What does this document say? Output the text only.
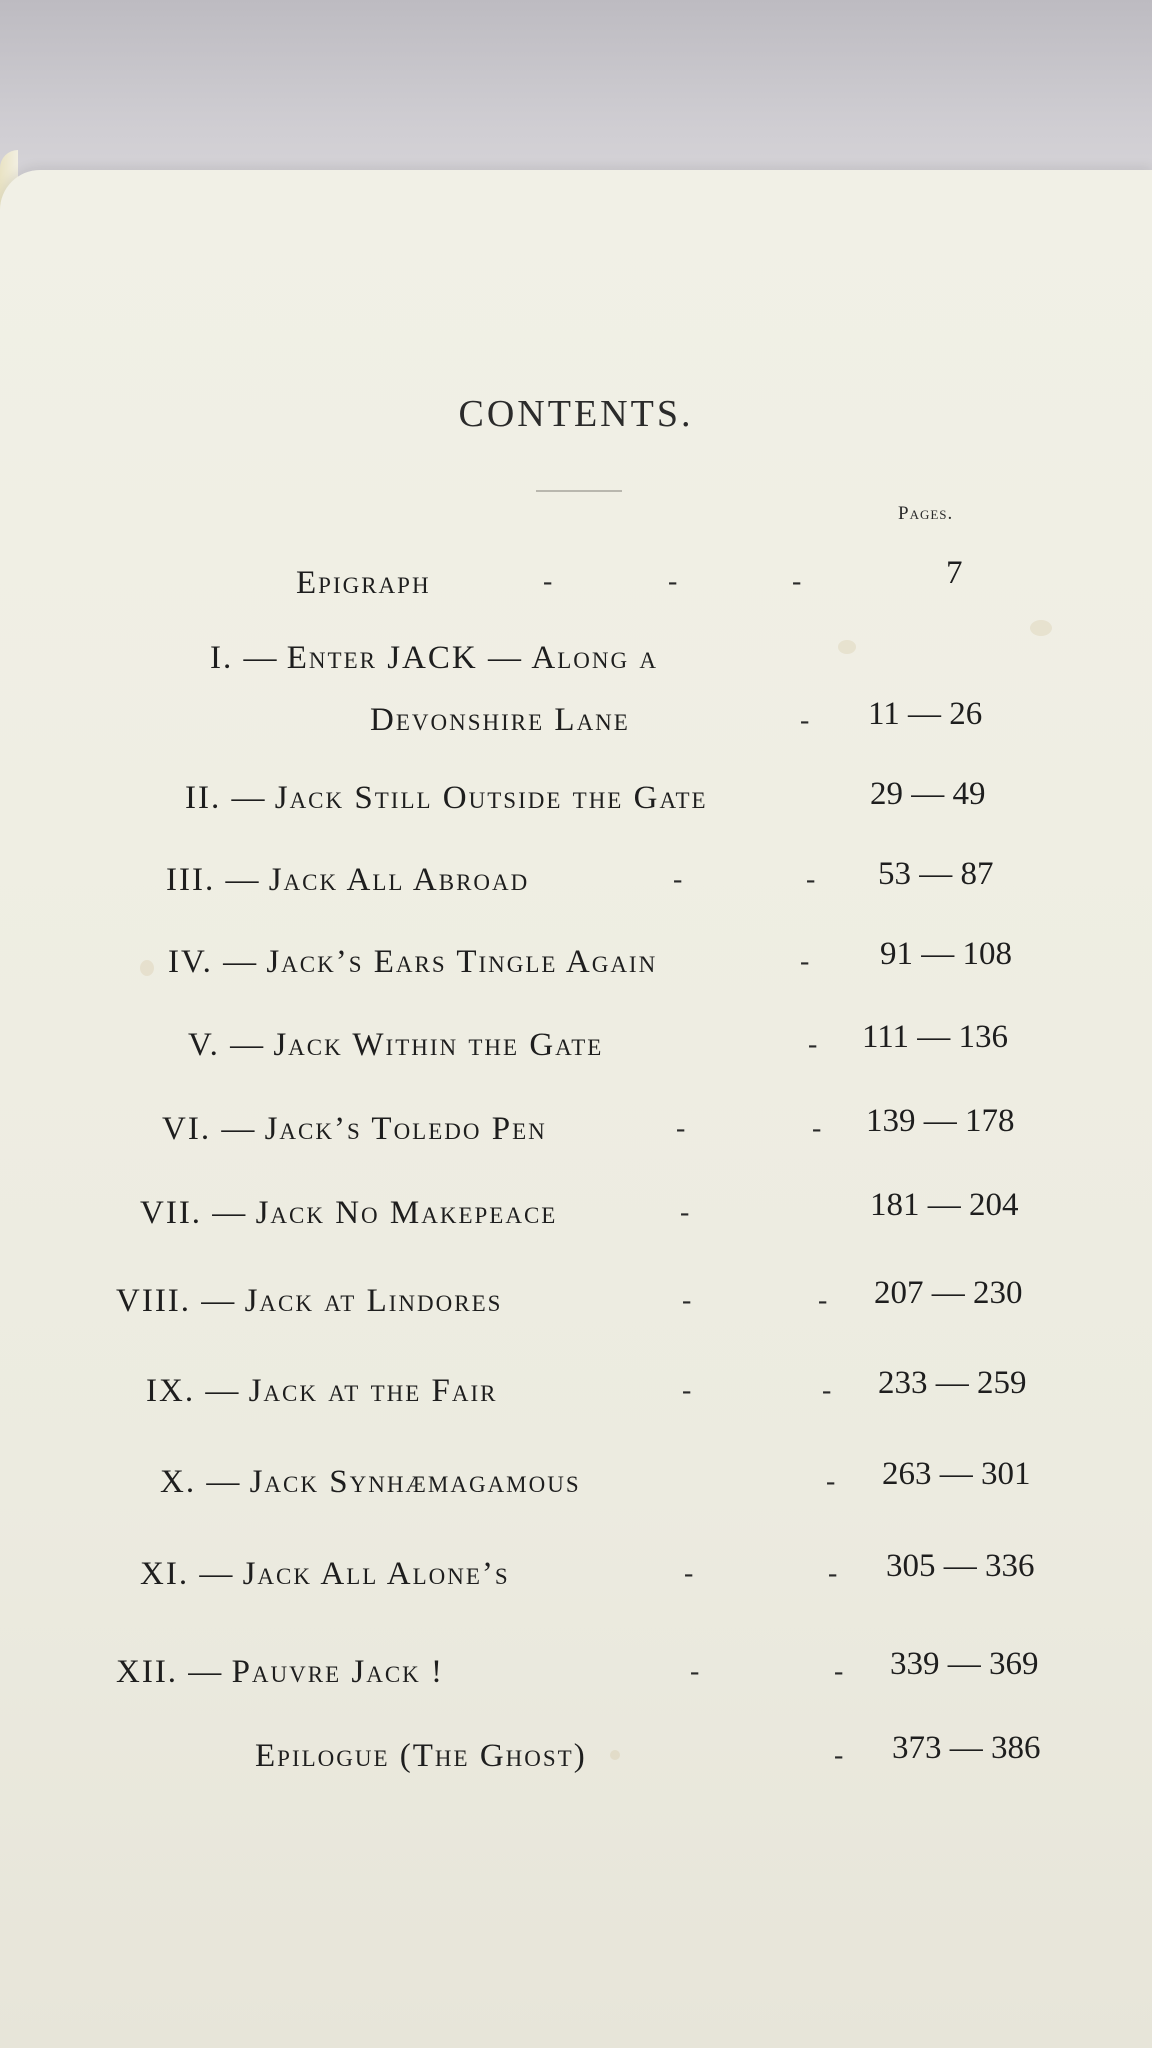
CONTENTS.
Pages.
Epigraph	-	-	-	7
I. — Enter JACK — Along a
Devonshire Lane	- 11 — 26
II. — Jack Still Outside the Gate	29 — 49
III. — Jack All Abroad	-	- 53 — 87
IV. — Jack’s Ears Tingle Again	- 91 — 108
V. — Jack Within the Gate	- 111 — 136
VI. — Jack’s Toledo Pen	-	- 139 — 178
VII. — Jack No Makepeace	-	181 — 204
VIII. — Jack at Lindores	-	- 207 — 230
IX. — Jack at the Fair	-	- 233 — 259
X. — Jack Synhæmagamous	- 263 — 301
XI. — Jack All Alone’s	-	- 305 — 336
XII. — Pauvre Jack !	-	- 339 — 369
Epilogue (The Ghost)	- 373 — 386
